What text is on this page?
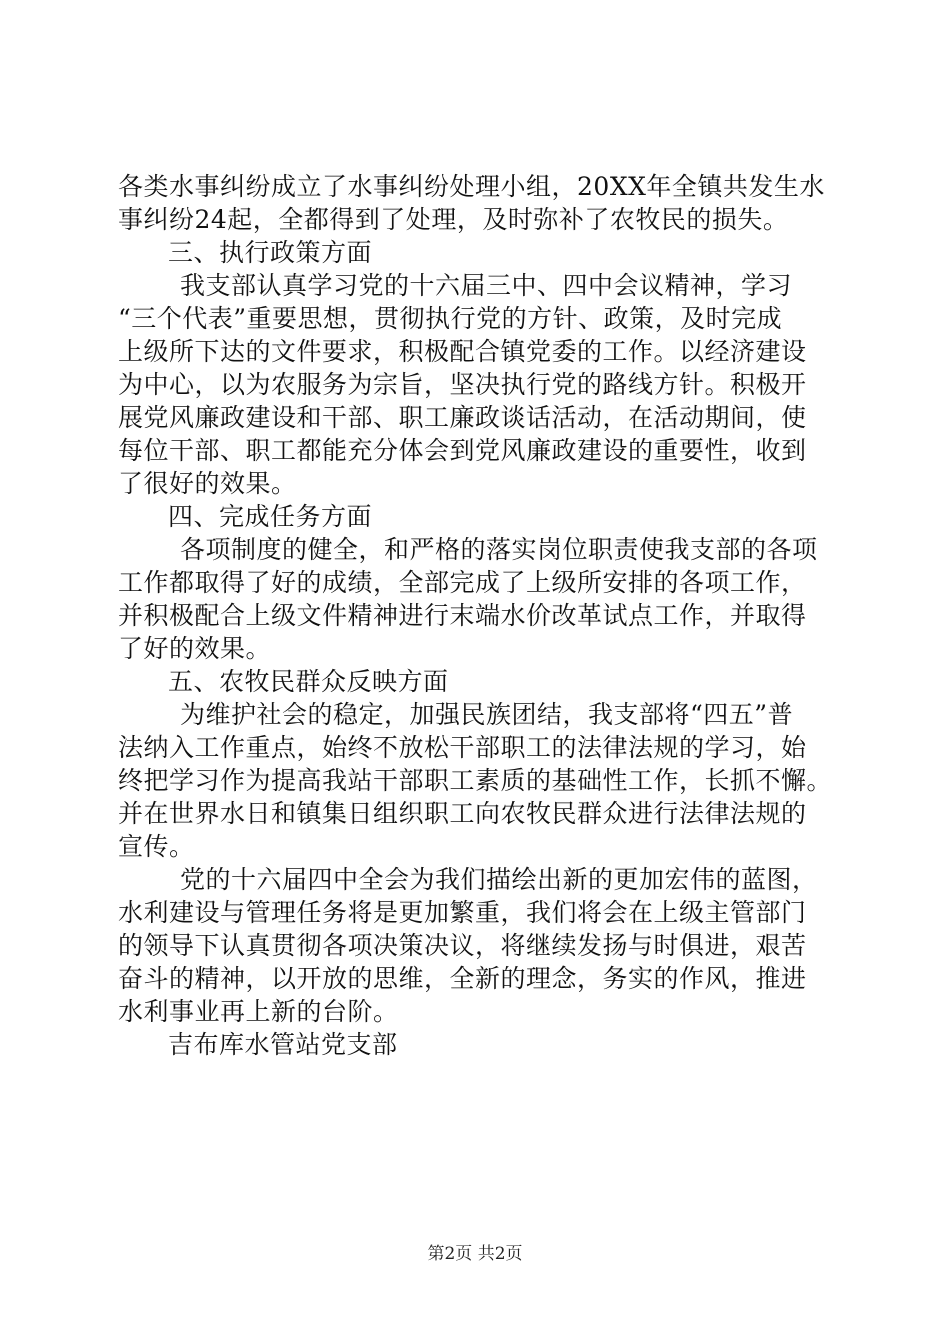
各类水事纠纷成立了水事纠纷处理小组，20XX年全镇共发生水
事纠纷24起，全都得到了处理，及时弥补了农牧民的损失。
三、执行政策方面
我支部认真学习党的十六届三中、四中会议精神，学习
“三个代表”重要思想，贯彻执行党的方针、政策，及时完成
上级所下达的文件要求，积极配合镇党委的工作。以经济建设
为中心，以为农服务为宗旨，坚决执行党的路线方针。积极开
展党风廉政建设和干部、职工廉政谈话活动，在活动期间，使
每位干部、职工都能充分体会到党风廉政建设的重要性，收到
了很好的效果。
四、完成任务方面
各项制度的健全，和严格的落实岗位职责使我支部的各项
工作都取得了好的成绩，全部完成了上级所安排的各项工作，
并积极配合上级文件精神进行末端水价改革试点工作，并取得
了好的效果。
五、农牧民群众反映方面
为维护社会的稳定，加强民族团结，我支部将“四五”普
法纳入工作重点，始终不放松干部职工的法律法规的学习，始
终把学习作为提高我站干部职工素质的基础性工作，长抓不懈。
并在世界水日和镇集日组织职工向农牧民群众进行法律法规的
宣传。
党的十六届四中全会为我们描绘出新的更加宏伟的蓝图，
水利建设与管理任务将是更加繁重，我们将会在上级主管部门
的领导下认真贯彻各项决策决议，将继续发扬与时俱进，艰苦
奋斗的精神，以开放的思维，全新的理念，务实的作风，推进
水利事业再上新的台阶。
吉布库水管站党支部
第2页 共2页
